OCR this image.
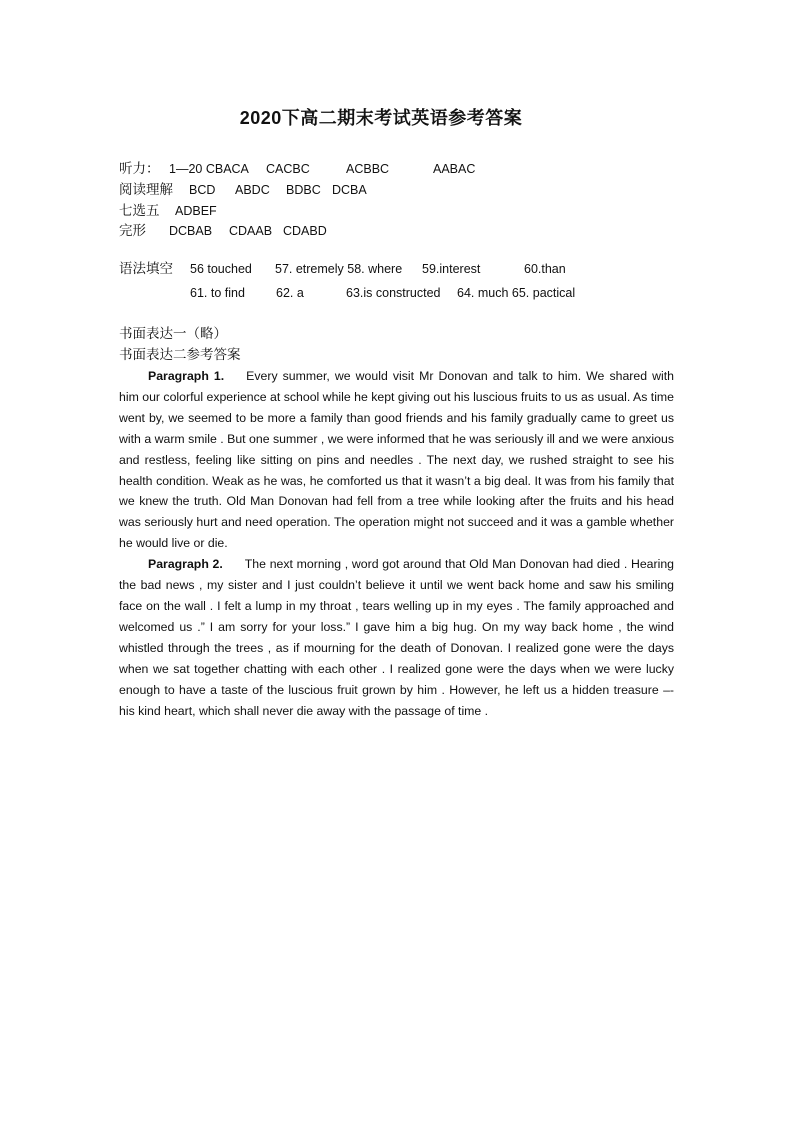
2020下高二期末考试英语参考答案
听力： 1—20 CBACA CACBC	ACBBC	AABAC
阅读理解 BCD ABDC BDBC DCBA
七选五 ADBEF
完形 DCBAB CDAAB CDABD
语法填空 56 touched 57. etremely 58. where 59.interest	60.than
61. to find 62. a	63.is constructed 64. much 65. pactical
书面表达一（略）
书面表达二参考答案

Paragraph 1. Every summer, we would visit Mr Donovan and talk to him. We shared with him our colorful experience at school while he kept giving out his luscious fruits to us as usual. As time went by, we seemed to be more a family than good friends and his family gradually came to greet us with a warm smile . But one summer , we were informed that he was seriously ill and we were anxious and restless, feeling like sitting on pins and needles . The next day, we rushed straight to see his health condition. Weak as he was, he comforted us that it wasn’t a big deal. It was from his family that we knew the truth. Old Man Donovan had fell from a tree while looking after the fruits and his head was seriously hurt and need operation. The operation might not succeed and it was a gamble whether he would live or die.

Paragraph 2. The next morning , word got around that Old Man Donovan had died . Hearing the bad news , my sister and I just couldn’t believe it until we went back home and saw his smiling face on the wall . I felt a lump in my throat , tears welling up in my eyes . The family approached and welcomed us .” I am sorry for your loss.” I gave him a big hug. On my way back home , the wind whistled through the trees , as if mourning for the death of Donovan. I realized gone were the days when we sat together chatting with each other . I realized gone were the days when we were lucky enough to have a taste of the luscious fruit grown by him . However, he left us a hidden treasure –- his kind heart, which shall never die away with the passage of time .
